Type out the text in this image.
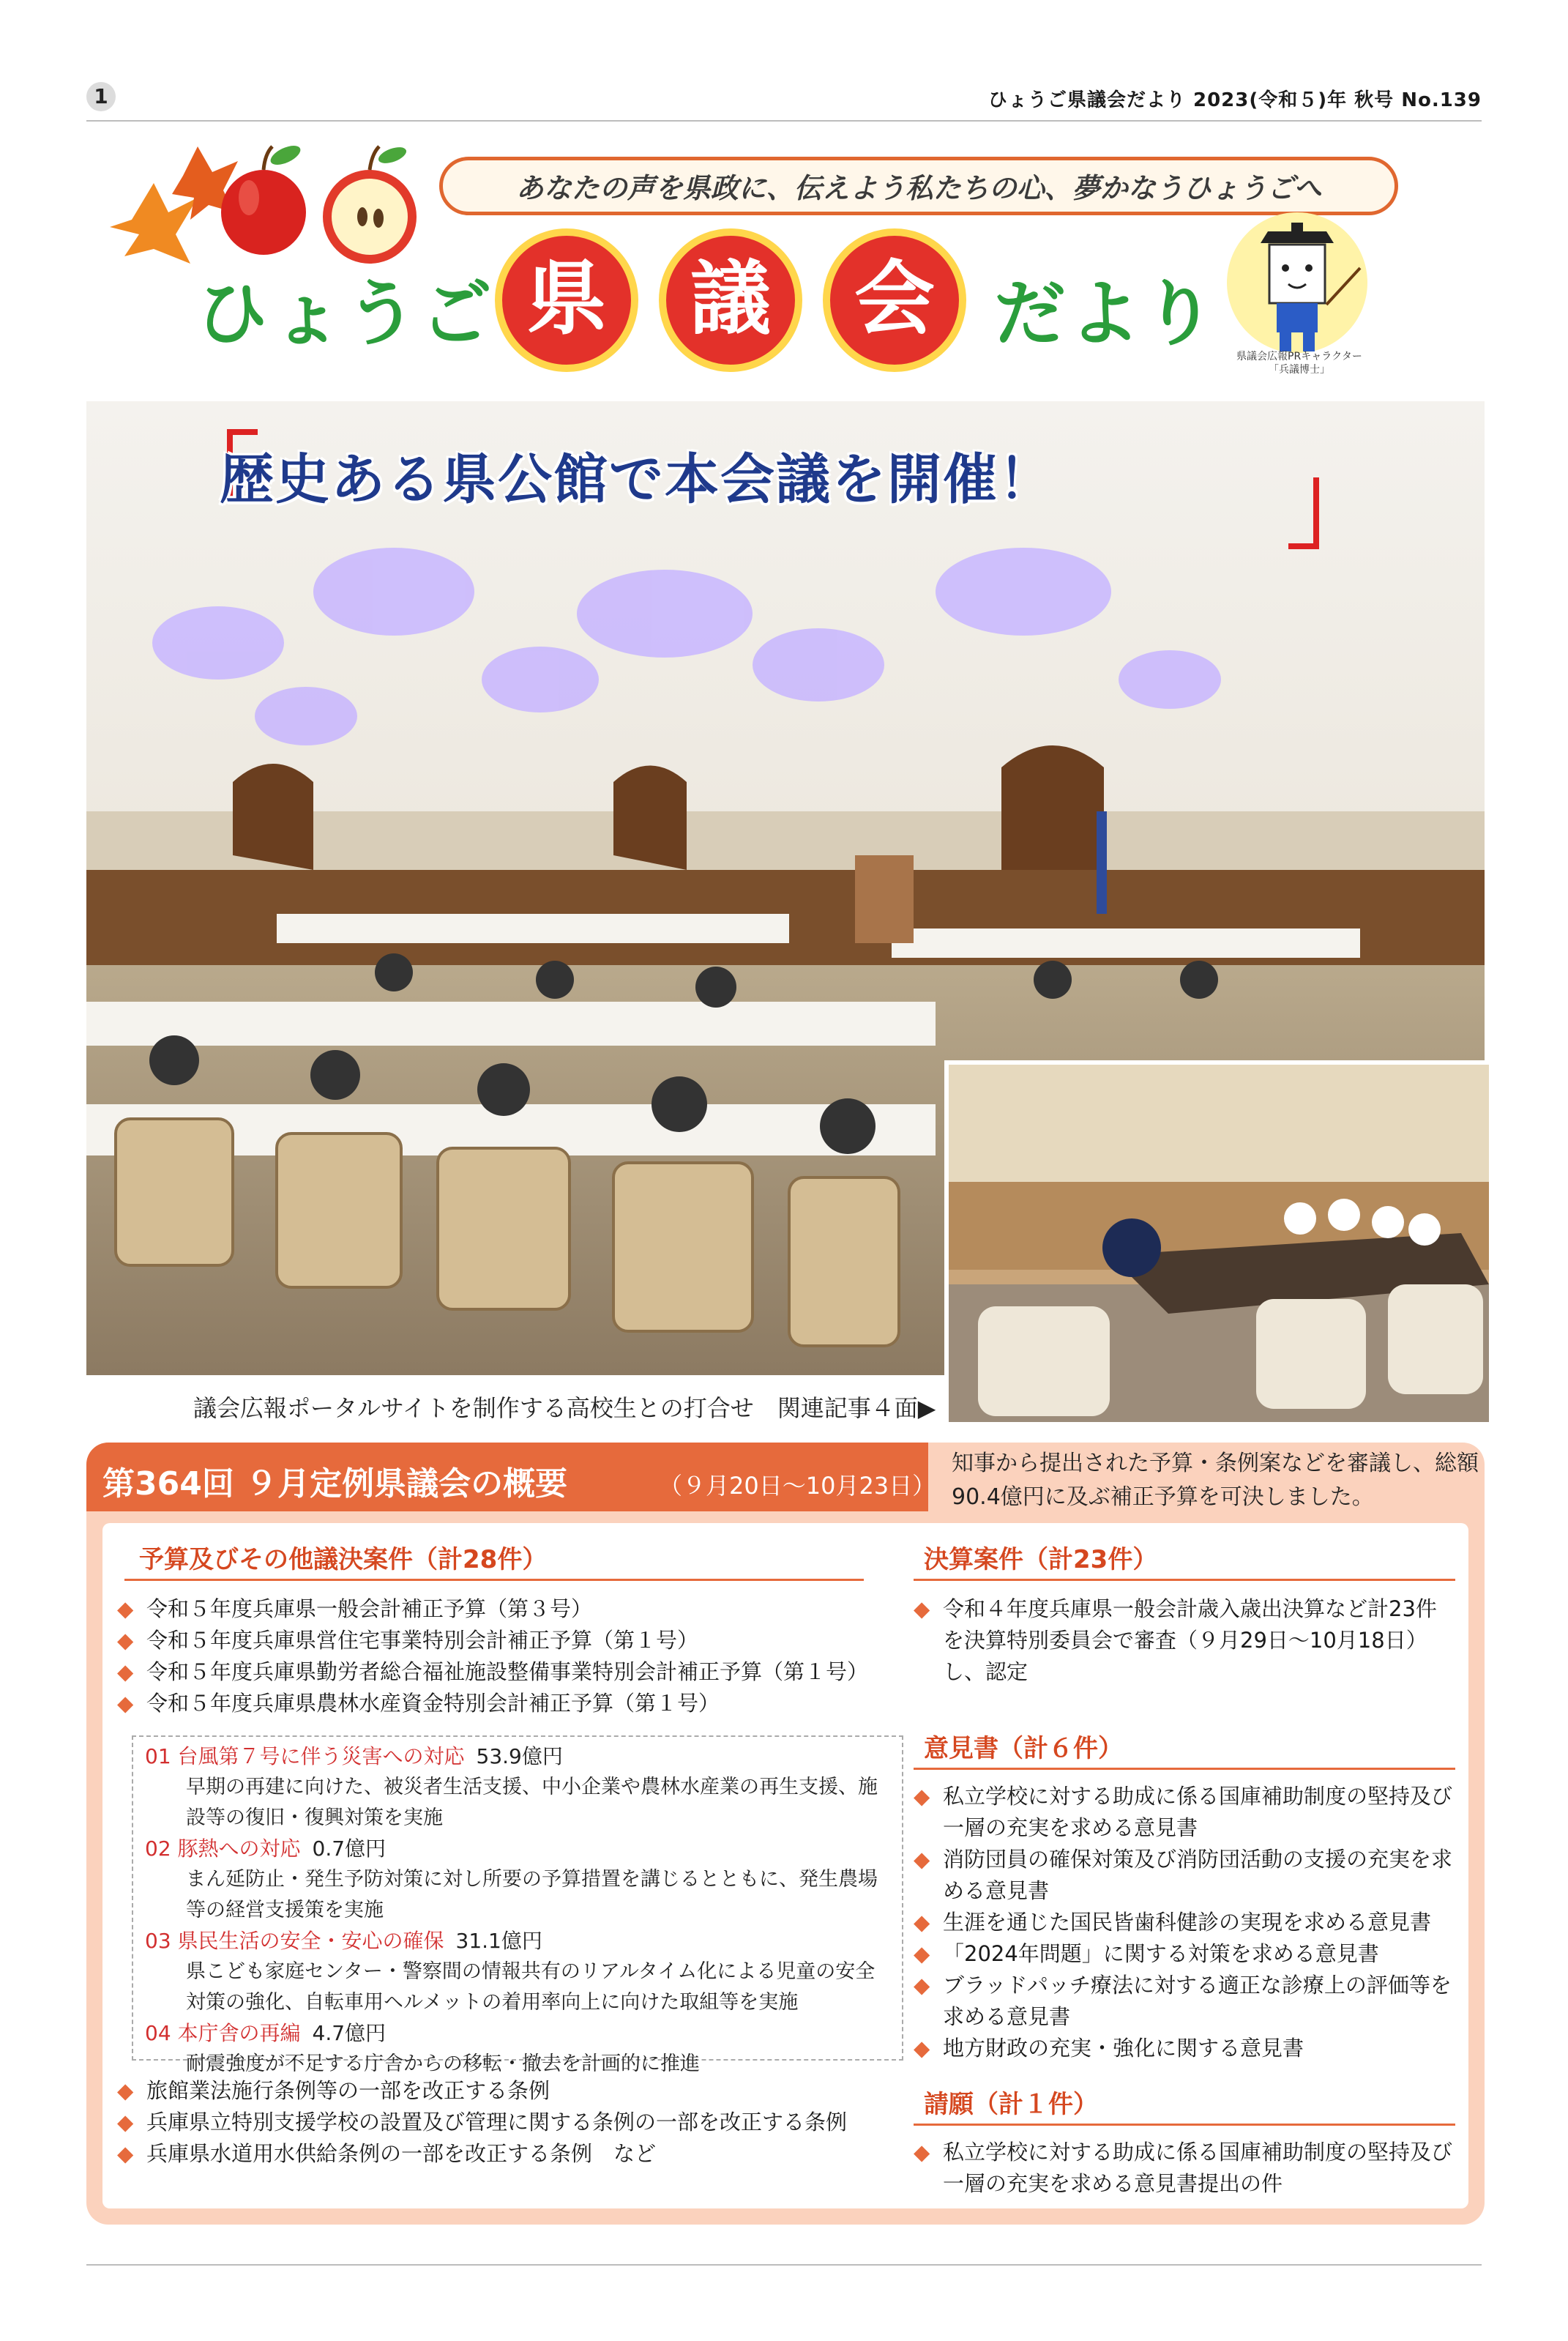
1	ひょうご県議会だより 2023(令和５)年 秋号 No.139
あなたの声を県政に、伝えよう私たちの心、夢かなうひょうごへ
ひょうご 県	議	会 だより
県議会広報PRキャラクター
「兵議博士」
歴史ある県公館で本会議を開催！
議会広報ポータルサイトを制作する高校生との打合せ　関連記事４面▶
第364回 ９月定例県議会の概要	（９月20日～10月23日）
知事から提出された予算・条例案などを審議し、総額90.4億円に及ぶ補正予算を可決しました。
予算及びその他議決案件（計28件）
◆ 令和５年度兵庫県一般会計補正予算（第３号）
◆ 令和５年度兵庫県営住宅事業特別会計補正予算（第１号）
◆ 令和５年度兵庫県勤労者総合福祉施設整備事業特別会計補正予算（第１号）
◆ 令和５年度兵庫県農林水産資金特別会計補正予算（第１号）
01 台風第７号に伴う災害への対応 53.9億円
早期の再建に向けた、被災者生活支援、中小企業や農林水産業の再生支援、施設等の復旧・復興対策を実施
02 豚熱への対応 0.7億円
まん延防止・発生予防対策に対し所要の予算措置を講じるとともに、発生農場等の経営支援策を実施
03 県民生活の安全・安心の確保 31.1億円
県こども家庭センター・警察間の情報共有のリアルタイム化による児童の安全対策の強化、自転車用ヘルメットの着用率向上に向けた取組等を実施
04 本庁舎の再編 4.7億円
耐震強度が不足する庁舎からの移転・撤去を計画的に推進
◆ 旅館業法施行条例等の一部を改正する条例
◆ 兵庫県立特別支援学校の設置及び管理に関する条例の一部を改正する条例
◆ 兵庫県水道用水供給条例の一部を改正する条例　など
決算案件（計23件）
◆ 令和４年度兵庫県一般会計歳入歳出決算など計23件を決算特別委員会で審査（９月29日～10月18日）し、認定
意見書（計６件）
◆ 私立学校に対する助成に係る国庫補助制度の堅持及び一層の充実を求める意見書
◆ 消防団員の確保対策及び消防団活動の支援の充実を求める意見書
◆ 生涯を通じた国民皆歯科健診の実現を求める意見書
◆ 「2024年問題」に関する対策を求める意見書
◆ ブラッドパッチ療法に対する適正な診療上の評価等を求める意見書
◆ 地方財政の充実・強化に関する意見書
請願（計１件）
◆ 私立学校に対する助成に係る国庫補助制度の堅持及び一層の充実を求める意見書提出の件
